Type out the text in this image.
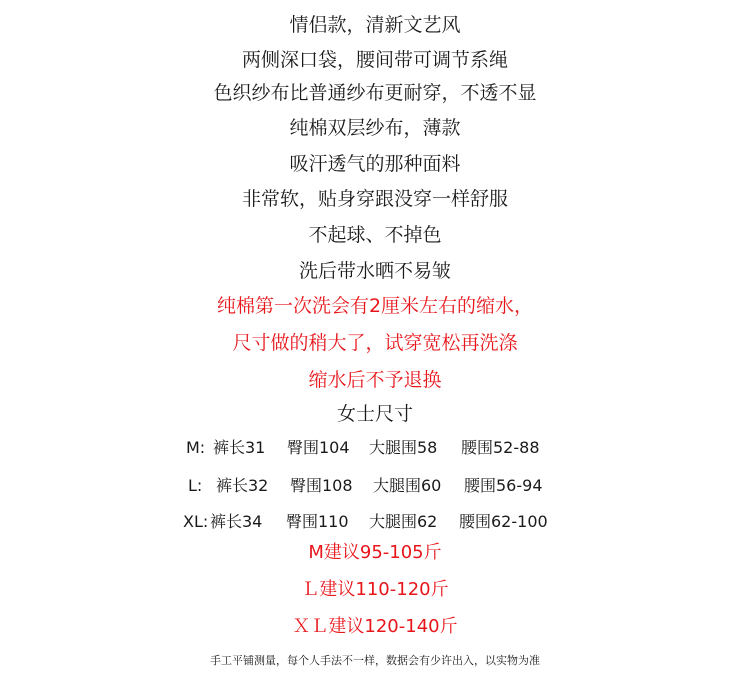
情侣款，清新文艺风
两侧深口袋，腰间带可调节系绳
色织纱布比普通纱布更耐穿，不透不显
纯棉双层纱布，薄款
吸汗透气的那种面料
非常软，贴身穿跟没穿一样舒服
不起球、不掉色
洗后带水晒不易皱
纯棉第一次洗会有2厘米左右的缩水，
尺寸做的稍大了，试穿宽松再洗涤
缩水后不予退换
女士尺寸
M: 裤长31 臀围104 大腿围58 腰围52-88
L: 裤长32 臀围108 大腿围60 腰围56-94
XL: 裤长34 臀围110 大腿围62 腰围62-100
M建议95-105斤
Ｌ建议110-120斤
ＸＬ建议120-140斤
手工平铺测量，每个人手法不一样，数据会有少许出入，以实物为准
